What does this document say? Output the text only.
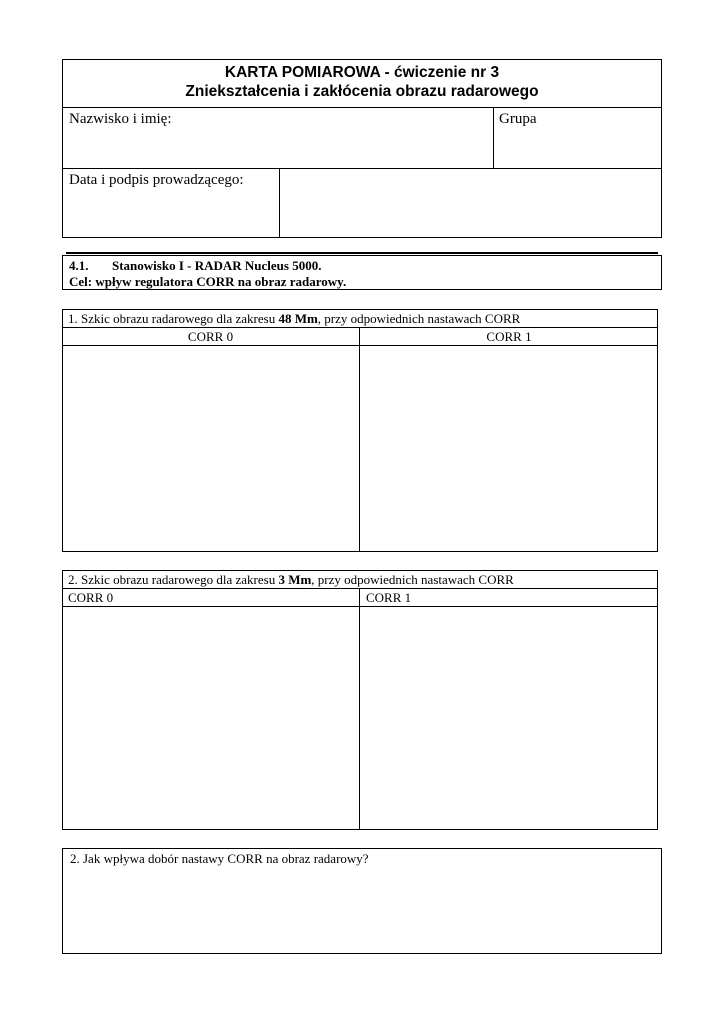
KARTA POMIAROWA - ćwiczenie nr 3
Zniekształcenia i zakłócenia obrazu radarowego
Nazwisko i imię:	Grupa
Data i podpis prowadzącego:
4.1. Stanowisko I - RADAR Nucleus 5000.
Cel: wpływ regulatora CORR na obraz radarowy.
1. Szkic obrazu radarowego dla zakresu 48 Mm, przy odpowiednich nastawach CORR
CORR 0	CORR 1
2. Szkic obrazu radarowego dla zakresu 3 Mm, przy odpowiednich nastawach CORR
CORR 0	CORR 1
2. Jak wpływa dobór nastawy CORR na obraz radarowy?
